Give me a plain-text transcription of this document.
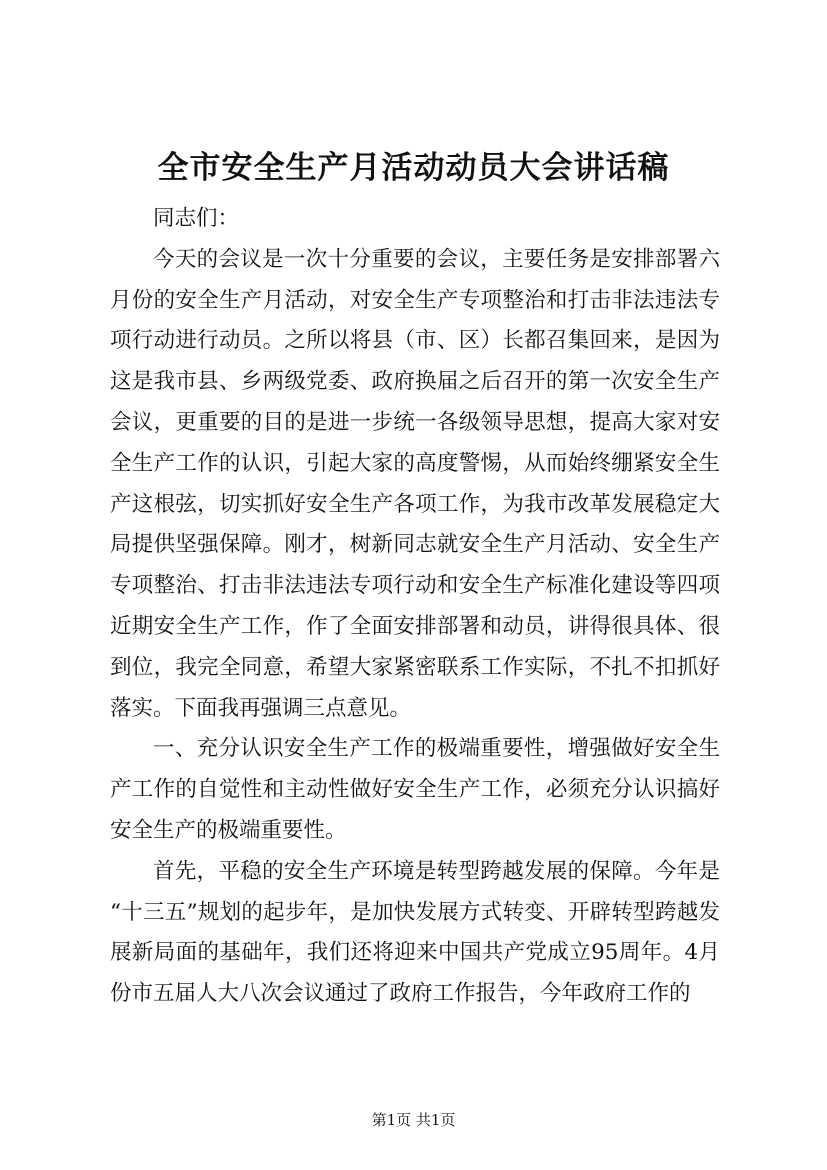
全市安全生产月活动动员大会讲话稿

同志们：

今天的会议是一次十分重要的会议，主要任务是安排部署六月份的安全生产月活动，对安全生产专项整治和打击非法违法专项行动进行动员。之所以将县（市、区）长都召集回来，是因为这是我市县、乡两级党委、政府换届之后召开的第一次安全生产会议，更重要的目的是进一步统一各级领导思想，提高大家对安全生产工作的认识，引起大家的高度警惕，从而始终绷紧安全生产这根弦，切实抓好安全生产各项工作，为我市改革发展稳定大局提供坚强保障。刚才，树新同志就安全生产月活动、安全生产专项整治、打击非法违法专项行动和安全生产标准化建设等四项近期安全生产工作，作了全面安排部署和动员，讲得很具体、很到位，我完全同意，希望大家紧密联系工作实际，不扎不扣抓好落实。下面我再强调三点意见。

一、充分认识安全生产工作的极端重要性，增强做好安全生产工作的自觉性和主动性做好安全生产工作，必须充分认识搞好安全生产的极端重要性。

首先，平稳的安全生产环境是转型跨越发展的保障。今年是“十三五”规划的起步年，是加快发展方式转变、开辟转型跨越发展新局面的基础年，我们还将迎来中国共产党成立95周年。4月份市五届人大八次会议通过了政府工作报告，今年政府工作的

第1页 共1页
